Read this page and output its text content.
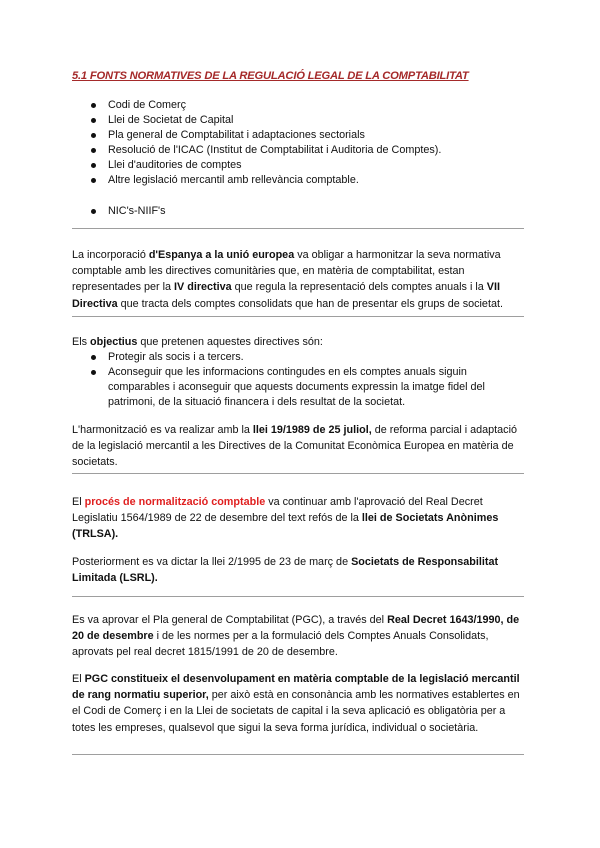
5.1 FONTS NORMATIVES DE LA REGULACIÓ LEGAL DE LA COMPTABILITAT
Codi de Comerç
Llei de Societat de Capital
Pla general de Comptabilitat i adaptaciones sectorials
Resolució de l'ICAC (Institut de Comptabilitat i Auditoria de Comptes).
Llei d'auditories de comptes
Altre legislació mercantil amb rellevància comptable.
NIC's-NIIF's

La incorporació d'Espanya a la unió europea va obligar a harmonitzar la seva normativa comptable amb les directives comunitàries que, en matèria de comptabilitat, estan representades per la IV directiva que regula la representació dels comptes anuals i la VII Directiva que tracta dels comptes consolidats que han de presentar els grups de societat.

Els objectius que pretenen aquestes directives són:

Protegir als socis i a tercers.
Aconseguir que les informacions contingudes en els comptes anuals siguin comparables i aconseguir que aquests documents expressin la imatge fidel del patrimoni, de la situació financera i dels resultat de la societat.

L'harmonització es va realizar amb la llei 19/1989 de 25 juliol, de reforma parcial i adaptació de la legislació mercantil a les Directives de la Comunitat Econòmica Europea en matèria de societats.

El procés de normalització comptable va continuar amb l'aprovació del Real Decret Legislatiu 1564/1989 de 22 de desembre del text refós de la llei de Societats Anònimes (TRLSA).

Posteriorment es va dictar la llei 2/1995 de 23 de març de Societats de Responsabilitat Limitada (LSRL).

Es va aprovar el Pla general de Comptabilitat (PGC), a través del Real Decret 1643/1990, de 20 de desembre i de les normes per a la formulació dels Comptes Anuals Consolidats, aprovats pel real decret 1815/1991 de 20 de desembre.

El PGC constitueix el desenvolupament en matèria comptable de la legislació mercantil de rang normatiu superior, per això està en consonància amb les normatives establertes en el Codi de Comerç i en la Llei de societats de capital i la seva aplicació es obligatòria per a totes les empreses, qualsevol que sigui la seva forma jurídica, individual o societària.
